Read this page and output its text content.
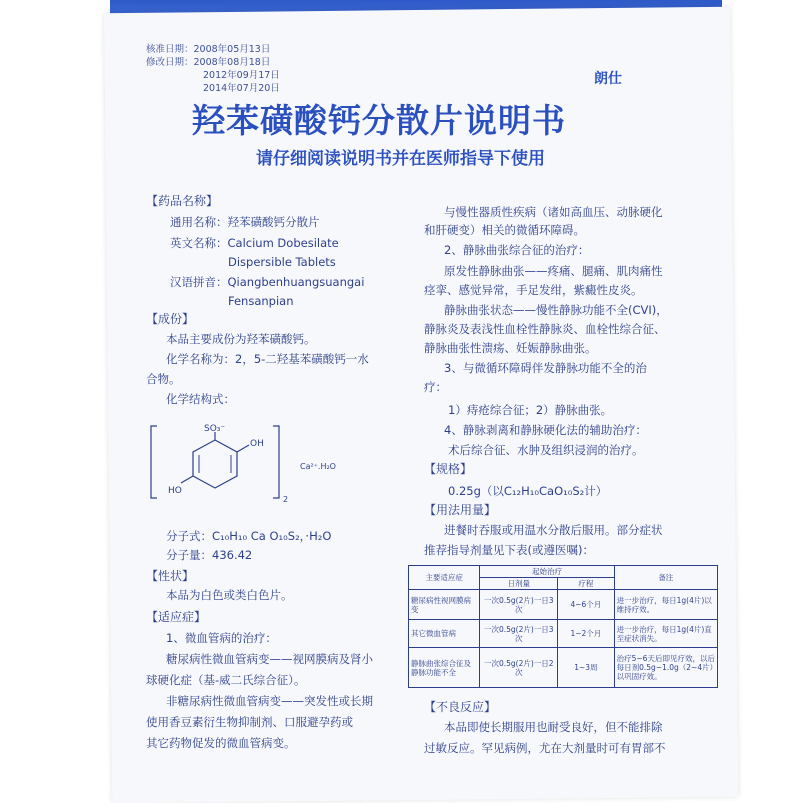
核准日期：2008年05月13日
修改日期：2008年08月18日
2012年09月17日
2014年07月20日
朗仕
羟苯磺酸钙分散片说明书
请仔细阅读说明书并在医师指导下使用
【药品名称】
通用名称：羟苯磺酸钙分散片
英文名称：Calcium Dobesilate
Dispersible Tablets
汉语拼音：Qiangbenhuangsuangai
Fensanpian
【成份】
本品主要成份为羟苯磺酸钙。
化学名称为：2，5-二羟基苯磺酸钙一水
合物。
化学结构式：
SO₃⁻
OH
HO
2
Ca²⁺.H₂O
分子式：C₁₀H₁₀ Ca O₁₀S₂，·H₂O
分子量：436.42
【性状】
本品为白色或类白色片。
【适应症】
1、微血管病的治疗：
糖尿病性微血管病变——视网膜病及肾小
球硬化症（基-威二氏综合征）。
非糖尿病性微血管病变——突发性或长期
使用香豆素衍生物抑制剂、口服避孕药或
其它药物促发的微血管病变。
与慢性器质性疾病（诸如高血压、动脉硬化
和肝硬变）相关的微循环障碍。
2、静脉曲张综合征的治疗：
原发性静脉曲张——疼痛、腿痛、肌肉痛性
痉挛、感觉异常，手足发绀，紫癜性皮炎。
静脉曲张状态——慢性静脉功能不全(CVI)，
静脉炎及表浅性血栓性静脉炎、血栓性综合征、
静脉曲张性溃疡、妊娠静脉曲张。
3、与微循环障碍伴发静脉功能不全的治
疗：
1）痔疮综合征；2）静脉曲张。
4、静脉剥离和静脉硬化法的辅助治疗：
术后综合征、水肿及组织浸润的治疗。
【规格】
0.25g（以C₁₂H₁₀CaO₁₀S₂计）
【用法用量】
进餐时吞服或用温水分散后服用。部分症状
推荐指导剂量见下表(或遵医嘱)：
主要适应症	起始治疗		备注
	日剂量	疗程	
糖尿病性视网膜病变	一次0.5g(2片)一日3次	4~6个月	进一步治疗，每日1g(4片)以维持疗效。
其它微血管病	一次0.5g(2片)一日3次	1~2个月	进一步治疗，每日1g(4片)直至症状消失。
静脉曲张综合征及静脉功能不全	一次0.5g(2片)一日2次	1~3周	治疗5~6天后即见疗效，以后每日剂0.5g~1.0g（2~4片）以巩固疗效。
【不良反应】
本品即使长期服用也耐受良好，但不能排除
过敏反应。罕见病例，尤在大剂量时可有胃部不
